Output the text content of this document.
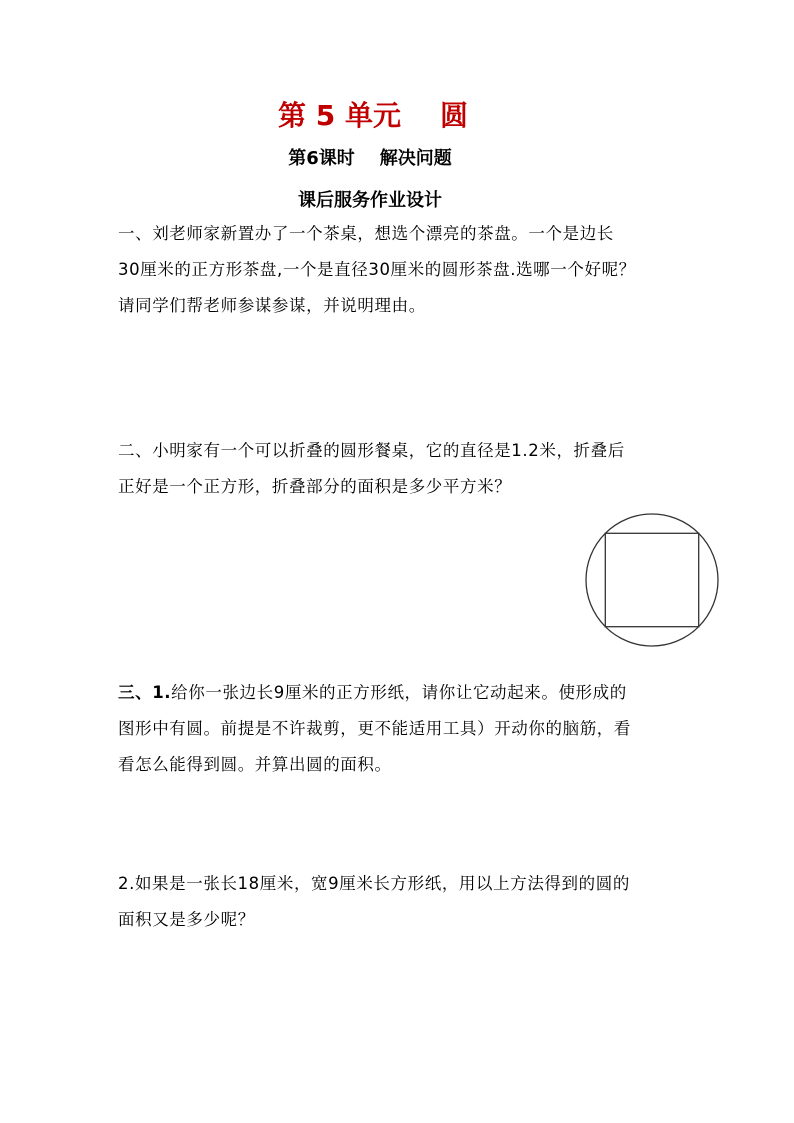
第 5 单元    圆
第6课时    解决问题
课后服务作业设计

一、刘老师家新置办了一个茶桌，想选个漂亮的茶盘。一个是边长

30厘米的正方形茶盘,一个是直径30厘米的圆形茶盘.选哪一个好呢？

请同学们帮老师参谋参谋，并说明理由。

二、小明家有一个可以折叠的圆形餐桌，它的直径是1.2米，折叠后

正好是一个正方形，折叠部分的面积是多少平方米？

三、1.给你一张边长9厘米的正方形纸，请你让它动起来。使形成的

图形中有圆。前提是不许裁剪，更不能适用工具）开动你的脑筋，看

看怎么能得到圆。并算出圆的面积。

2.如果是一张长18厘米，宽9厘米长方形纸，用以上方法得到的圆的

面积又是多少呢？
